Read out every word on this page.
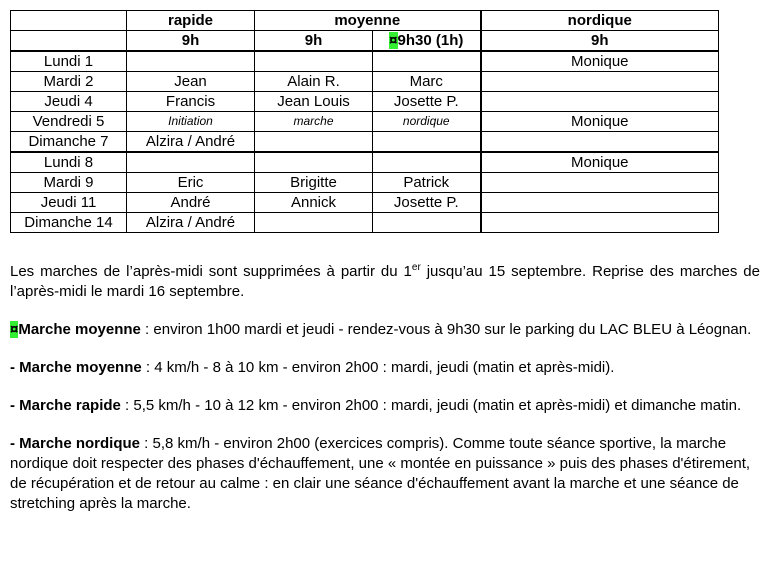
	rapide	moyenne		nordique
	9h	9h	¤9h30 (1h)	9h
Lundi 1				Monique
Mardi 2	Jean	Alain R.	Marc	
Jeudi 4	Francis	Jean Louis	Josette P.	
Vendredi 5	Initiation	marche	nordique	Monique
Dimanche 7	Alzira / André			
Lundi 8				Monique
Mardi 9	Eric	Brigitte	Patrick	
Jeudi 11	André	Annick	Josette P.	
Dimanche 14	Alzira / André			

Les marches de l’après-midi sont supprimées à partir du 1er jusqu’au 15 septembre. Reprise des marches de l’après-midi le mardi 16 septembre.

¤Marche moyenne : environ 1h00 mardi et jeudi - rendez-vous à 9h30 sur le parking du LAC BLEU à Léognan.

- Marche moyenne : 4 km/h - 8 à 10 km - environ 2h00 : mardi, jeudi (matin et après-midi).

- Marche rapide : 5,5 km/h - 10 à 12 km - environ 2h00 : mardi, jeudi (matin et après-midi) et dimanche matin.

- Marche nordique : 5,8 km/h - environ 2h00 (exercices compris). Comme toute séance sportive, la marche nordique doit respecter des phases d'échauffement, une « montée en puissance » puis des phases d'étirement, de récupération et de retour au calme : en clair une séance d'échauffement avant la marche et une séance de stretching après la marche.
